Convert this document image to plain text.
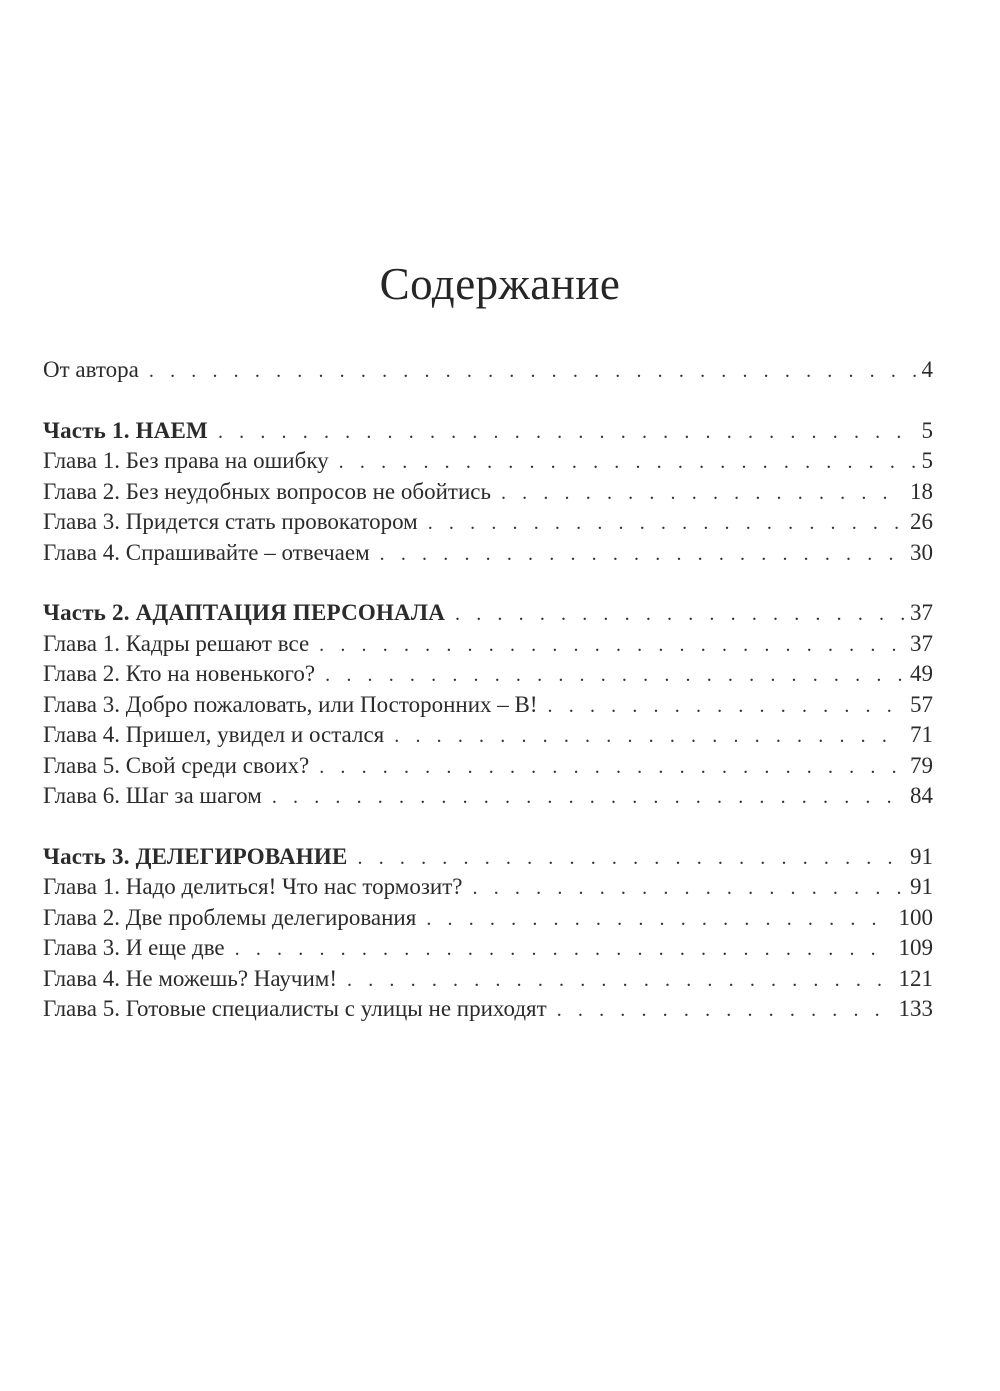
Содержание
От автора . . .	4
Часть 1. НАЕМ . . .	5
Глава 1. Без права на ошибку . . .	5
Глава 2. Без неудобных вопросов не обойтись . . .	18
Глава 3. Придется стать провокатором . . .	26
Глава 4. Спрашивайте – отвечаем . . .	30
Часть 2. АДАПТАЦИЯ ПЕРСОНАЛА . . .	37
Глава 1. Кадры решают все . . .	37
Глава 2. Кто на новенького? . . .	49
Глава 3. Добро пожаловать, или Посторонних – В! . . .	57
Глава 4. Пришел, увидел и остался . . .	71
Глава 5. Свой среди своих? . . .	79
Глава 6. Шаг за шагом . . .	84
Часть 3. ДЕЛЕГИРОВАНИЕ . . .	91
Глава 1. Надо делиться! Что нас тормозит? . . .	91
Глава 2. Две проблемы делегирования . . .	100
Глава 3. И еще две . . .	109
Глава 4. Не можешь? Научим! . . .	121
Глава 5. Готовые специалисты с улицы не приходят . . .	133
